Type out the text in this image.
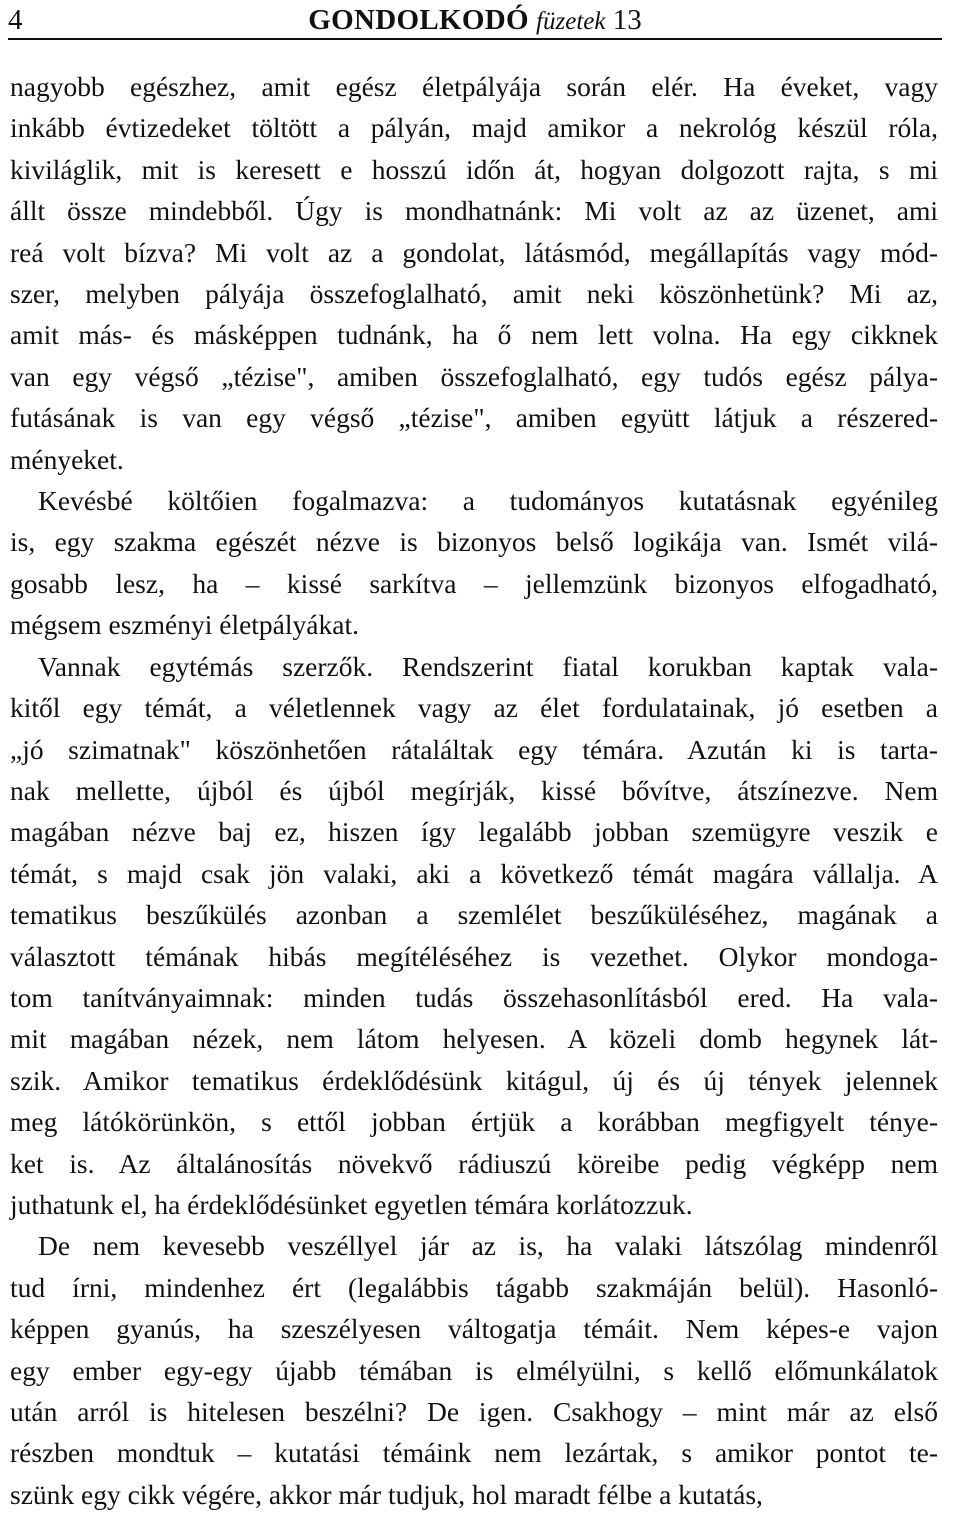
4	GONDOLKODÓ füzetek 13

nagyobb egészhez, amit egész életpályája során elér. Ha éveket, vagy

inkább évtizedeket töltött a pályán, majd amikor a nekrológ készül róla,

kiviláglik, mit is keresett e hosszú időn át, hogyan dolgozott rajta, s mi

állt össze mindebből. Úgy is mondhatnánk: Mi volt az az üzenet, ami

reá volt bízva? Mi volt az a gondolat, látásmód, megállapítás vagy mód-

szer, melyben pályája összefoglalható, amit neki köszönhetünk? Mi az,

amit más- és másképpen tudnánk, ha ő nem lett volna. Ha egy cikknek

van egy végső „tézise", amiben összefoglalható, egy tudós egész pálya-

futásának is van egy végső „tézise", amiben együtt látjuk a részered-

ményeket.

Kevésbé költőien fogalmazva: a tudományos kutatásnak egyénileg

is, egy szakma egészét nézve is bizonyos belső logikája van. Ismét vilá-

gosabb lesz, ha – kissé sarkítva – jellemzünk bizonyos elfogadható,

mégsem eszményi életpályákat.

Vannak egytémás szerzők. Rendszerint fiatal korukban kaptak vala-

kitől egy témát, a véletlennek vagy az élet fordulatainak, jó esetben a

„jó szimatnak" köszönhetően rátaláltak egy témára. Azután ki is tarta-

nak mellette, újból és újból megírják, kissé bővítve, átszínezve. Nem

magában nézve baj ez, hiszen így legalább jobban szemügyre veszik e

témát, s majd csak jön valaki, aki a következő témát magára vállalja. A

tematikus beszűkülés azonban a szemlélet beszűküléséhez, magának a

választott témának hibás megítéléséhez is vezethet. Olykor mondoga-

tom tanítványaimnak: minden tudás összehasonlításból ered. Ha vala-

mit magában nézek, nem látom helyesen. A közeli domb hegynek lát-

szik. Amikor tematikus érdeklődésünk kitágul, új és új tények jelennek

meg látókörünkön, s ettől jobban értjük a korábban megfigyelt ténye-

ket is. Az általánosítás növekvő rádiuszú köreibe pedig végképp nem

juthatunk el, ha érdeklődésünket egyetlen témára korlátozzuk.

De nem kevesebb veszéllyel jár az is, ha valaki látszólag mindenről

tud írni, mindenhez ért (legalábbis tágabb szakmáján belül). Hasonló-

képpen gyanús, ha szeszélyesen váltogatja témáit. Nem képes-e vajon

egy ember egy-egy újabb témában is elmélyülni, s kellő előmunkálatok

után arról is hitelesen beszélni? De igen. Csakhogy – mint már az első

részben mondtuk – kutatási témáink nem lezártak, s amikor pontot te-

szünk egy cikk végére, akkor már tudjuk, hol maradt félbe a kutatás,
